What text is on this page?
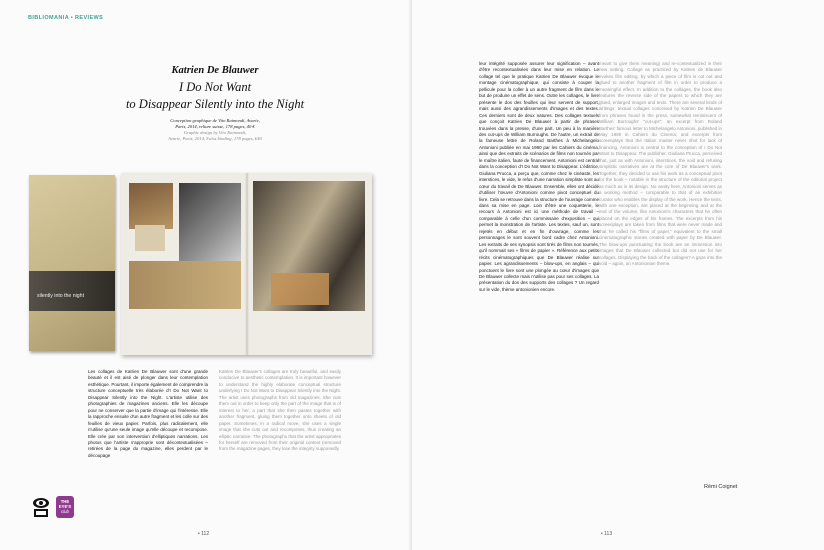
BIBLIOMANIA • REVIEWS
Katrien De Blauwer
I Do Not Want
to Disappear Silently into the Night
Conception graphique de Vito Raimondi, Avarie,
Paris, 2014, reliure suisse, 178 pages, 40 €
Graphic design by Vito Raimondi,
Avarie, Paris, 2014, Swiss binding, 178 pages, €40
silently into the night
Les collages de Katrien De Blauwer sont d'une grande beauté et il est aisé de plonger dans leur contemplation esthétique. Pourtant, il importe également de comprendre la structure conceptuelle très élaborée d'I Do Not Want to Disappear Silently into the Night. L'artiste utilise des photographies de magazines anciens. Elle les découpe pour ne conserver que la partie d'image qui l'intéresse. Elle la rapproche ensuite d'un autre fragment et les colle sur des feuilles de vieux papier. Parfois, plus radicalement, elle n'utilise qu'une seule image qu'elle découpe et recompose. Elle crée par son intervention d'elliptiques narrations. Les photos que l'artiste s'approprie sont décontextualisées – retirées de la page du magazine, elles perdent par le découpage
Katrien De Blauwer's collages are truly beautiful, and easily conducive to aesthetic contemplation. It is important however to understand the highly elaborate conceptual structure underlying I Do Not Want to Disappear Silently into the Night. The artist uses photographs from old magazines. She cuts them out in order to keep only the part of the image that is of interest to her, a part that she then pastes together with another fragment, gluing them together onto sheets of old paper. Sometimes, in a radical move, she uses a single image that she cuts out and recomposes, thus creating an elliptic narrative. The photographs that the artist appropriates for herself are removed from their original context (removed from the magazine pages, they lose the integrity supposedly
THE
EYE'S
club
• 112	• 113
leur intégrité supposée assurer leur signification – avant d'être recontextualisées dans leur mise en relation. Le collage tel que le pratique Katrien De Blauwer évoque le montage cinématographique, qui consiste à couper la pellicule pour la coller à un autre fragment de film dans le but de produire un effet de sens. Outre les collages, le livre présente le dos des feuilles qui leur servent de support, mais aussi des agrandissements d'images et des textes. Ces derniers sont de deux natures. Des collages textuels que conçoit Katrien De Blauwer à partir de phrases trouvées dans la presse, d'une part. Un peu à la manière des cut-ups de William Burroughs. De l'autre, un extrait de la fameuse lettre de Roland Barthes à Michelangelo Antonioni publiée en mai 1980 par les Cahiers du cinéma, ainsi que des extraits de scénarios de films non tournés par le maître italien, faute de financement. Antonioni est central dans la conception d'I Do Not Want to Disappear. L'éditrice, Giuliana Prucca, a perçu que, comme chez le cinéaste, les interstices, le vide, le refus d'une narration simpliste sont au cœur du travail de De Blauwer. Ensemble, elles ont décidé d'utiliser l'œuvre d'Antonioni comme pivot conceptuel du livre. Cela se retrouve dans la structure de l'ouvrage comme dans sa mise en page. Loin d'être une coquetterie, le recours à Antonioni est ici une méthode de travail – comparable à celle d'un commissaire d'exposition – qui permet la monstration de l'artiste. Les textes, sauf un, sont rejetés en début et en fin d'ouvrage, comme les personnages le sont souvent bord cadre chez Antonioni. Les extraits de ses synopsis sont tirés de films non tournés, qu'il nommait ses « films de papier ». Référence aux petits récits cinématographiques que De Blauwer réalise sur papier. Les agrandissements – blow-ups, en anglais – qui ponctuent le livre sont une plongée au cœur d'images que De Blauwer collecte mais n'utilise pas pour ses collages. La présentation du dos des supports des collages ? Un regard sur le vide, thème antonionien encore.
meant to give them meaning) and re-contextualized in their new setting. Collage as practiced by Katrien de Blauwer evokes film editing, by which a piece of film is cut out and glued to another fragment of film in order to produce a meaningful effect. In addition to the collages, the book also features the reverse side of the papers to which they are glued, enlarged images and texts. There are several kinds of writings: textual collages conceived by Katrien De Blauwer from phrases found in the press, somewhat reminiscent of William Burroughs' "cut-ups"; an excerpt from Roland Barthes' famous letter to Michelangelo Antonioni, published in May 1980 in Cahiers du Cinema; and excerpts from screenplays that the Italian master never shot for lack of financing. Antonioni is central to the conception of I Do Not Want to Disappear. The publisher, Giuliana Prucca, perceived that, just as with Antonioni, interstices, the void and refusing simplistic narratives are at the core of De Blauwer's work. Together, they decided to use his work as a conceptual pivot for the book – notable in the structure of the editorial project as much as in its design. No vanity here, Antonioni serves as a working method – comparable to that of an exhibition curator who enables the display of the work. Hence the texts, with one exception, are placed at the beginning and at the end of the volume, like Antonioni's characters that he often placed on the edges of his frames. The excerpts from his screenplays are taken from films that were never made and that he called his "films of paper," equivalent to the small cinematographic stories created with paper by De Blauwer. The blow-ups punctuating the book are an immersion into images that De Blauwer collected but did not use for her collages. Displaying the back of the collages? A gaze into the void – again, an Antonionian theme.
Rémi Coignet
